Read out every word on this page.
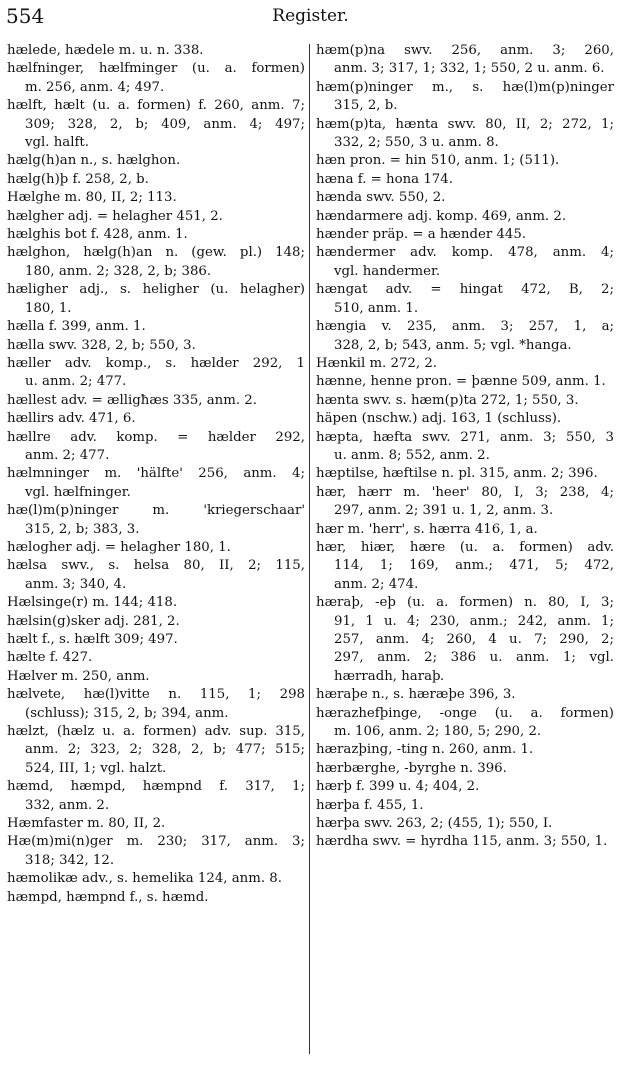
554	Register.
hælede, hædele m. u. n. 338.
hælfninger, hælfminger (u. a. formen) m. 256, anm. 4; 497.
hælft, hælt (u. a. formen) f. 260, anm. 7; 309; 328, 2, b; 409, anm. 4; 497; vgl. halft.
hælg(h)an n., s. hælghon.
hælg(h)þ f. 258, 2, b.
Hælghe m. 80, II, 2; 113.
hælgher adj. = helagher 451, 2.
hælghis bot f. 428, anm. 1.
hælghon, hælg(h)an n. (gew. pl.) 148; 180, anm. 2; 328, 2, b; 386.
hæligher adj., s. heligher (u. helagher) 180, 1.
hælla f. 399, anm. 1.
hælla swv. 328, 2, b; 550, 3.
hæller adv. komp., s. hælder 292, 1 u. anm. 2; 477.
hællest adv. = ælligħæs 335, anm. 2.
hællirs adv. 471, 6.
hællre adv. komp. = hælder 292, anm. 2; 477.
hælmninger m. 'hälfte' 256, anm. 4; vgl. hælfninger.
hæ(l)m(p)ninger m. 'kriegerschaar' 315, 2, b; 383, 3.
hælogher adj. = helagher 180, 1.
hælsa swv., s. helsa 80, II, 2; 115, anm. 3; 340, 4.
Hælsinge(r) m. 144; 418.
hælsin(g)sker adj. 281, 2.
hælt f., s. hælft 309; 497.
hælte f. 427.
Hælver m. 250, anm.
hælvete, hæ(l)vitte n. 115, 1; 298 (schluss); 315, 2, b; 394, anm.
hælzt, (hælz u. a. formen) adv. sup. 315, anm. 2; 323, 2; 328, 2, b; 477; 515; 524, III, 1; vgl. halzt.
hæmd, hæmpd, hæmpnd f. 317, 1; 332, anm. 2.
Hæmfaster m. 80, II, 2.
Hæ(m)mi(n)ger m. 230; 317, anm. 3; 318; 342, 12.
hæmolikæ adv., s. hemelika 124, anm. 8.
hæmpd, hæmpnd f., s. hæmd.
hæm(p)na swv. 256, anm. 3; 260, anm. 3; 317, 1; 332, 1; 550, 2 u. anm. 6.
hæm(p)ninger m., s. hæ(l)m(p)ninger 315, 2, b.
hæm(p)ta, hænta swv. 80, II, 2; 272, 1; 332, 2; 550, 3 u. anm. 8.
hæn pron. = hin 510, anm. 1; (511).
hæna f. = hona 174.
hænda swv. 550, 2.
hændarmere adj. komp. 469, anm. 2.
hænder präp. = a hænder 445.
hændermer adv. komp. 478, anm. 4; vgl. handermer.
hængat adv. = hingat 472, B, 2; 510, anm. 1.
hængia v. 235, anm. 3; 257, 1, a; 328, 2, b; 543, anm. 5; vgl. *hanga.
Hænkil m. 272, 2.
hænne, henne pron. = þænne 509, anm. 1.
hænta swv. s. hæm(p)ta 272, 1; 550, 3.
häpen (nschw.) adj. 163, 1 (schluss).
hæpta, hæfta swv. 271, anm. 3; 550, 3 u. anm. 8; 552, anm. 2.
hæptilse, hæftilse n. pl. 315, anm. 2; 396.
hær, hærr m. 'heer' 80, I, 3; 238, 4; 297, anm. 2; 391 u. 1, 2, anm. 3.
hær m. 'herr', s. hærra 416, 1, a.
hær, hiær, hære (u. a. formen) adv. 114, 1; 169, anm.; 471, 5; 472, anm. 2; 474.
hæraþ, -eþ (u. a. formen) n. 80, I, 3; 91, 1 u. 4; 230, anm.; 242, anm. 1; 257, anm. 4; 260, 4 u. 7; 290, 2; 297, anm. 2; 386 u. anm. 1; vgl. hærradh, haraþ.
hæraþe n., s. hæræþe 396, 3.
hærazhefþinge, -onge (u. a. formen) m. 106, anm. 2; 180, 5; 290, 2.
hærazþing, -ting n. 260, anm. 1.
hærbærghe, -byrghe n. 396.
hærþ f. 399 u. 4; 404, 2.
hærþa f. 455, 1.
hærþa swv. 263, 2; (455, 1); 550, I.
hærdha swv. = hyrdha 115, anm. 3; 550, 1.
